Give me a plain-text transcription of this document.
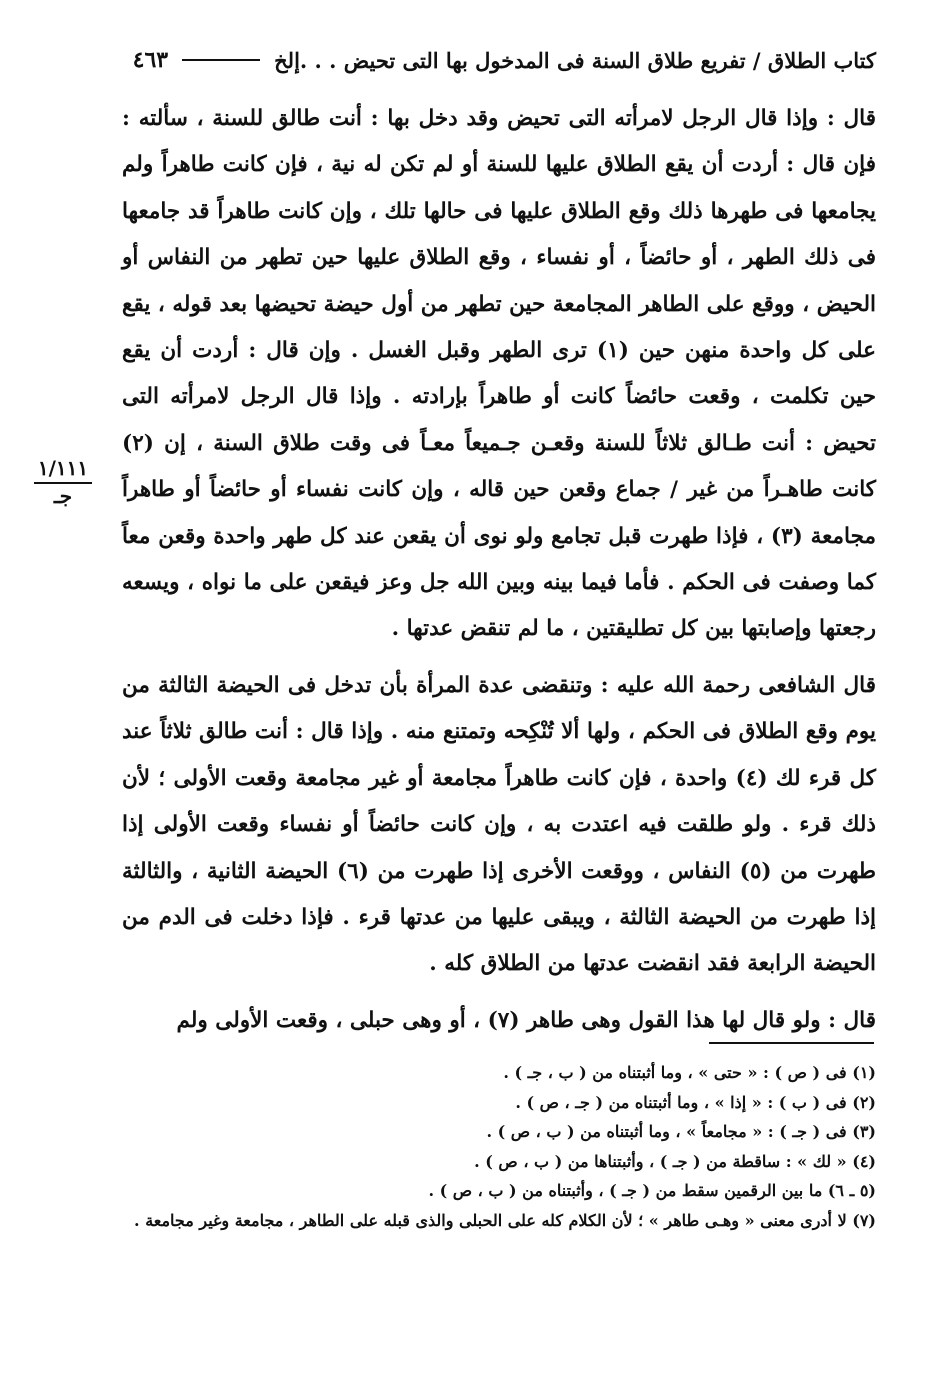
كتاب الطلاق / تفريع طلاق السنة فى المدخول بها التى تحيض . . .إلخ
٤٦٣
١/١١١
جـ

قال : وإذا قال الرجل لامرأته التى تحيض وقد دخل بها : أنت طالق للسنة ، سألته : فإن قال : أردت أن يقع الطلاق عليها للسنة أو لم تكن له نية ، فإن كانت طاهراً ولم يجامعها فى طهرها ذلك وقع الطلاق عليها فى حالها تلك ، وإن كانت طاهراً قد جامعها فى ذلك الطهر ، أو حائضاً ، أو نفساء ، وقع الطلاق عليها حين تطهر من النفاس أو الحيض ، ووقع على الطاهر المجامعة حين تطهر من أول حيضة تحيضها بعد قوله ، يقع على كل واحدة منهن حين (١) ترى الطهر وقبل الغسل . وإن قال : أردت أن يقع حين تكلمت ، وقعت حائضاً كانت أو طاهراً بإرادته . وإذا قال الرجل لامرأته التى تحيض : أنت طـالق ثلاثاً للسنة وقعـن جـميعاً معـاً فى وقت طلاق السنة ، إن (٢) كانت طاهـراً من غير / جماع وقعن حين قاله ، وإن كانت نفساء أو حائضاً أو طاهراً مجامعة (٣) ، فإذا طهرت قبل تجامع ولو نوى أن يقعن عند كل طهر واحدة وقعن معاً كما وصفت فى الحكم . فأما فيما بينه وبين الله جل وعز فيقعن على ما نواه ، ويسعه رجعتها وإصابتها بين كل تطليقتين ، ما لم تنقض عدتها .

قال الشافعى رحمة الله عليه : وتنقضى عدة المرأة بأن تدخل فى الحيضة الثالثة من يوم وقع الطلاق فى الحكم ، ولها ألا تُنْكِحه وتمتنع منه . وإذا قال : أنت طالق ثلاثاً عند كل قرء لك (٤) واحدة ، فإن كانت طاهراً مجامعة أو غير مجامعة وقعت الأولى ؛ لأن ذلك قرء . ولو طلقت فيه اعتدت به ، وإن كانت حائضاً أو نفساء وقعت الأولى إذا طهرت من (٥) النفاس ، ووقعت الأخرى إذا طهرت من (٦) الحيضة الثانية ، والثالثة إذا طهرت من الحيضة الثالثة ، ويبقى عليها من عدتها قرء . فإذا دخلت فى الدم من الحيضة الرابعة فقد انقضت عدتها من الطلاق كله .

قال : ولو قال لها هذا القول وهى طاهر (٧) ، أو وهى حبلى ، وقعت الأولى ولم

(١) فى ( ص ) : « حتى » ، وما أثبتناه من ( ب ، جـ ) .

(٢) فى ( ب ) : « إذا » ، وما أثبتناه من ( جـ ، ص ) .

(٣) فى ( جـ ) : « مجامعاً » ، وما أثبتناه من ( ب ، ص ) .

(٤) « لك » : ساقطة من ( جـ ) ، وأثبتناها من ( ب ، ص ) .

(٥ ـ ٦) ما بين الرقمين سقط من ( جـ ) ، وأثبتناه من ( ب ، ص ) .

(٧) لا أدرى معنى « وهـى طاهر » ؛ لأن الكلام كله على الحبلى والذى قبله على الطاهر ، مجامعة وغير مجامعة .
